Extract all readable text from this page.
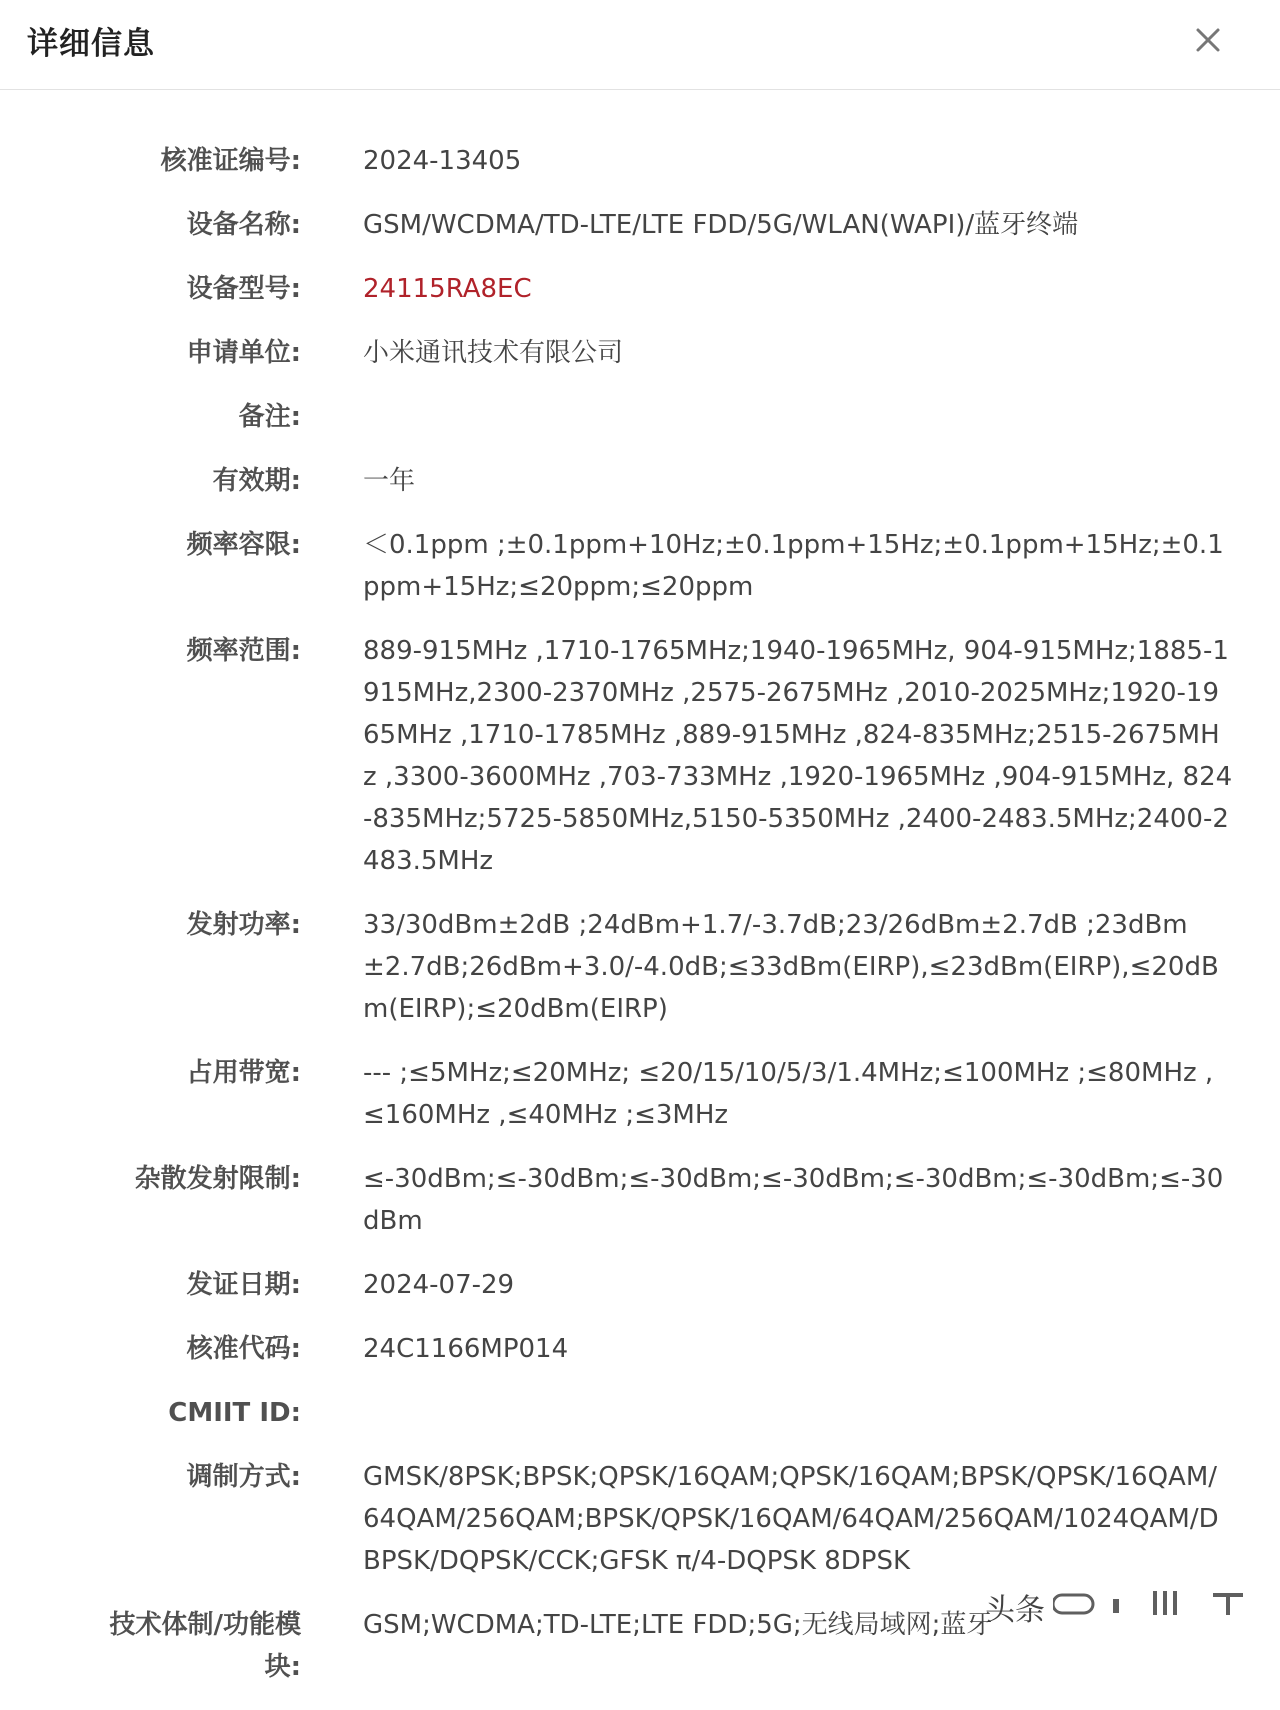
详细信息
核准证编号: 2024-13405
设备名称: GSM/WCDMA/TD-LTE/LTE FDD/5G/WLAN(WAPI)/蓝牙终端
设备型号: 24115RA8EC
申请单位: 小米通讯技术有限公司
备注:
有效期: 一年
频率容限: ＜0.1ppm ;±0.1ppm+10Hz;±0.1ppm+15Hz;±0.1ppm+15Hz;±0.1ppm+15Hz;≤20ppm;≤20ppm
频率范围: 889-915MHz ,1710-1765MHz;1940-1965MHz, 904-915MHz;1885-1915MHz,2300-2370MHz ,2575-2675MHz ,2010-2025MHz;1920-1965MHz ,1710-1785MHz ,889-915MHz ,824-835MHz;2515-2675MHz ,3300-3600MHz ,703-733MHz ,1920-1965MHz ,904-915MHz, 824-835MHz;5725-5850MHz,5150-5350MHz ,2400-2483.5MHz;2400-2483.5MHz
发射功率: 33/30dBm±2dB ;24dBm+1.7/-3.7dB;23/26dBm±2.7dB ;23dBm±2.7dB;26dBm+3.0/-4.0dB;≤33dBm(EIRP),≤23dBm(EIRP),≤20dBm(EIRP);≤20dBm(EIRP)
占用带宽: --- ;≤5MHz;≤20MHz; ≤20/15/10/5/3/1.4MHz;≤100MHz ;≤80MHz ,≤160MHz ,≤40MHz ;≤3MHz
杂散发射限制: ≤-30dBm;≤-30dBm;≤-30dBm;≤-30dBm;≤-30dBm;≤-30dBm;≤-30dBm
发证日期: 2024-07-29
核准代码: 24C1166MP014
CMIIT ID:
调制方式: GMSK/8PSK;BPSK;QPSK/16QAM;QPSK/16QAM;BPSK/QPSK/16QAM/64QAM/256QAM;BPSK/QPSK/16QAM/64QAM/256QAM/1024QAM/DBPSK/DQPSK/CCK;GFSK π/4-DQPSK 8DPSK
技术体制/功能模
块:
GSM;WCDMA;TD-LTE;LTE FDD;5G;无线局域网;蓝牙
头条
